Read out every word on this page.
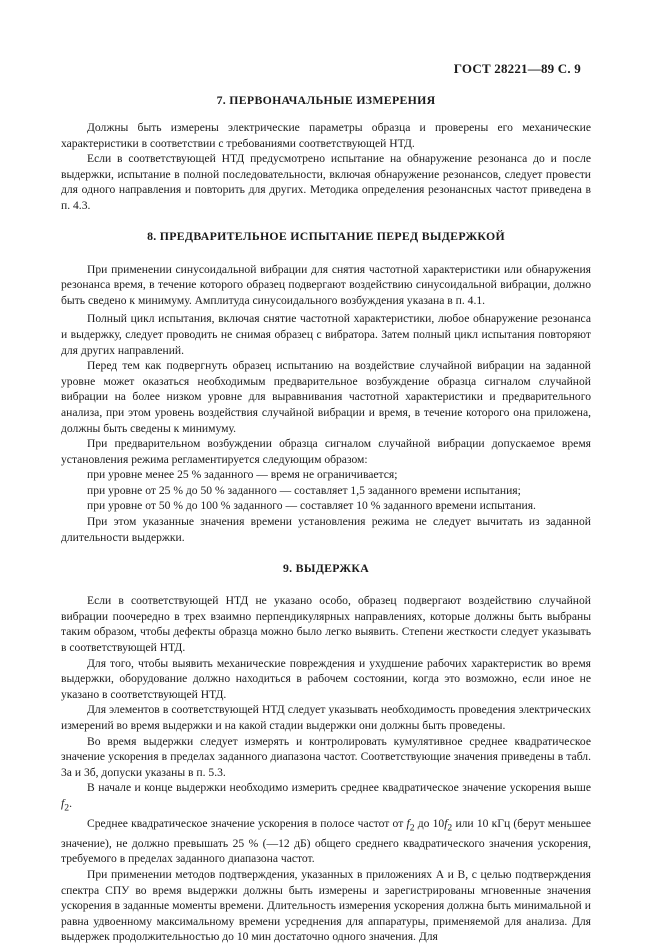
ГОСТ 28221—89 С. 9
7. ПЕРВОНАЧАЛЬНЫЕ ИЗМЕРЕНИЯ

Должны быть измерены электрические параметры образца и проверены его механические характеристики в соответствии с требованиями соответствующей НТД.

Если в соответствующей НТД предусмотрено испытание на обнаружение резонанса до и после выдержки, испытание в полной последовательности, включая обнаружение резонансов, следует провести для одного направления и повторить для других. Методика определения резонансных частот приведена в п. 4.3.

8. ПРЕДВАРИТЕЛЬНОЕ ИСПЫТАНИЕ ПЕРЕД ВЫДЕРЖКОЙ

При применении синусоидальной вибрации для снятия частотной характеристики или обнаружения резонанса время, в течение которого образец подвергают воздействию синусоидальной вибрации, должно быть сведено к минимуму. Амплитуда синусоидального возбуждения указана в п. 4.1.

Полный цикл испытания, включая снятие частотной характеристики, любое обнаружение резонанса и выдержку, следует проводить не снимая образец с вибратора. Затем полный цикл испытания повторяют для других направлений.

Перед тем как подвергнуть образец испытанию на воздействие случайной вибрации на заданной уровне может оказаться необходимым предварительное возбуждение образца сигналом случайной вибрации на более низком уровне для выравнивания частотной характеристики и предварительного анализа, при этом уровень воздействия случайной вибрации и время, в течение которого она приложена, должны быть сведены к минимуму.

При предварительном возбуждении образца сигналом случайной вибрации допускаемое время установления режима регламентируется следующим образом:

при уровне менее 25 % заданного — время не ограничивается;

при уровне от 25 % до 50 % заданного — составляет 1,5 заданного времени испытания;

при уровне от 50 % до 100 % заданного — составляет 10 % заданного времени испытания.

При этом указанные значения времени установления режима не следует вычитать из заданной длительности выдержки.

9. ВЫДЕРЖКА

Если в соответствующей НТД не указано особо, образец подвергают воздействию случайной вибрации поочередно в трех взаимно перпендикулярных направлениях, которые должны быть выбраны таким образом, чтобы дефекты образца можно было легко выявить. Степени жесткости следует указывать в соответствующей НТД.

Для того, чтобы выявить механические повреждения и ухудшение рабочих характеристик во время выдержки, оборудование должно находиться в рабочем состоянии, когда это возможно, если иное не указано в соответствующей НТД.

Для элементов в соответствующей НТД следует указывать необходимость проведения электрических измерений во время выдержки и на какой стадии выдержки они должны быть проведены.

Во время выдержки следует измерять и контролировать кумулятивное среднее квадратическое значение ускорения в пределах заданного диапазона частот. Соответствующие значения приведены в табл. 3а и 3б, допуски указаны в п. 5.3.

В начале и конце выдержки необходимо измерить среднее квадратическое значение ускорения выше $f_2$.

Среднее квадратическое значение ускорения в полосе частот от $f_2$ до $10f_2$ или 10 кГц (берут меньшее значение), не должно превышать 25 % (—12 дБ) общего среднего квадратического значения ускорения, требуемого в пределах заданного диапазона частот.

При применении методов подтверждения, указанных в приложениях А и В, с целью подтверждения спектра СПУ во время выдержки должны быть измерены и зарегистрированы мгновенные значения ускорения в заданные моменты времени. Длительность измерения ускорения должна быть минимальной и равна удвоенному максимальному времени усреднения для аппаратуры, применяемой для анализа. Для выдержек продолжительностью до 10 мин достаточно одного значения. Для
